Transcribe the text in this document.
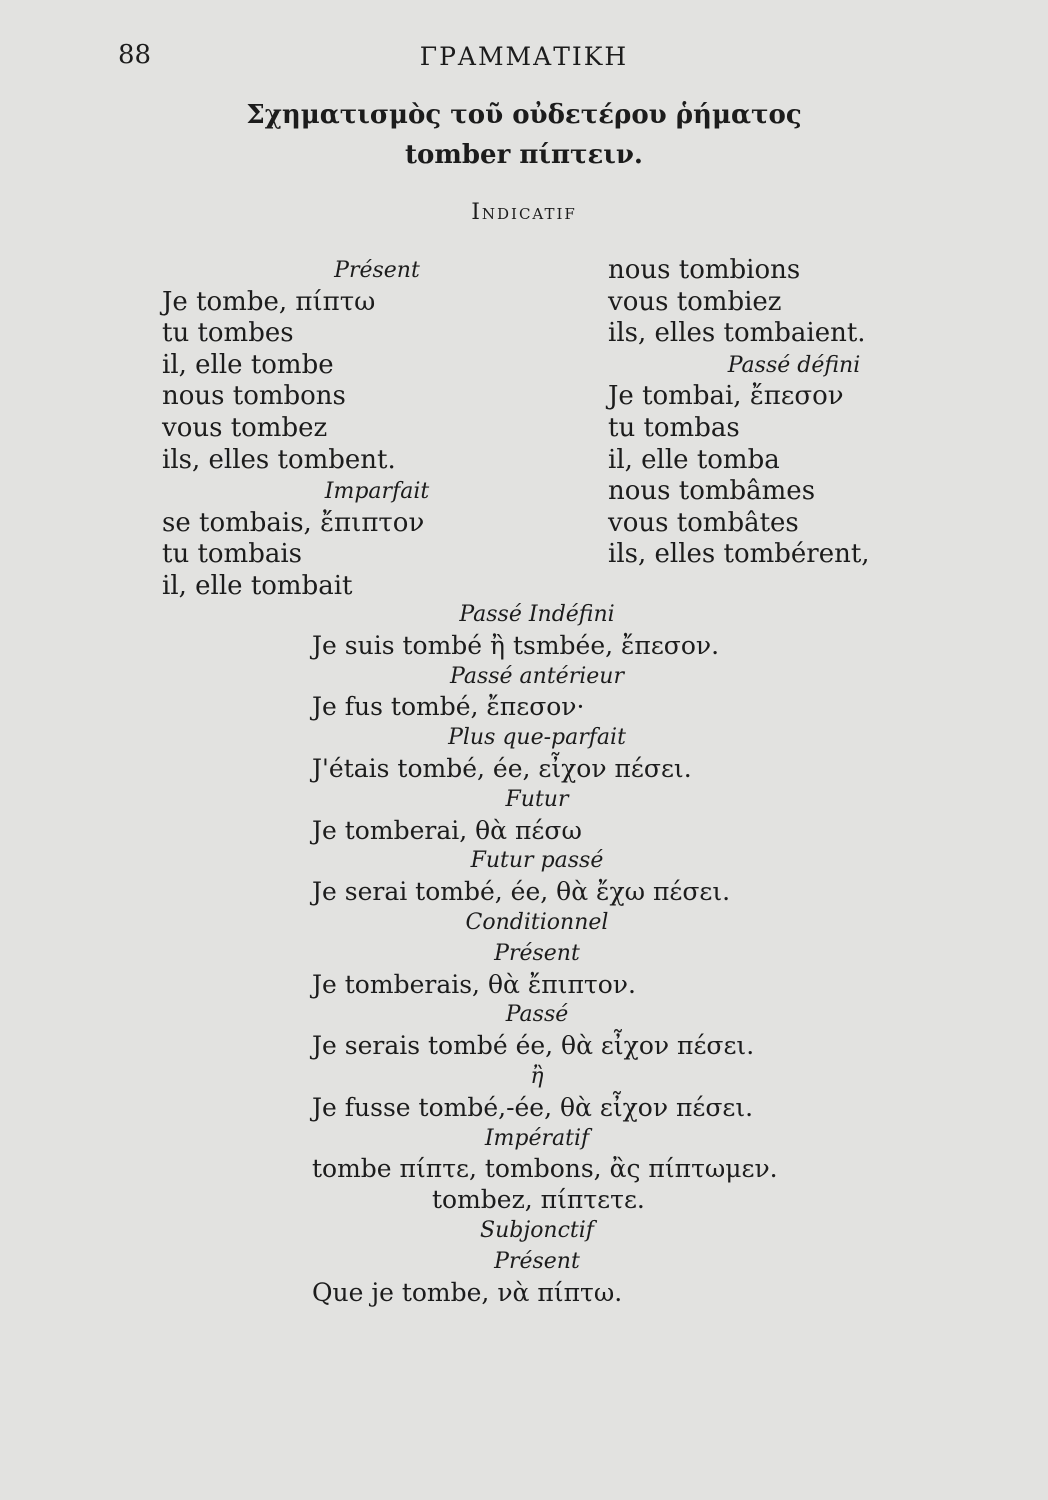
88	ΓΡΑΜΜΑΤΙΚΗ
Σχηματισμὸς τοῦ οὐδετέρου ῥήματος
tomber πίπτειν.
Indicatif
Présent
Je tombe, πίπτω
tu tombes
il, elle tombe
nous tombons
vous tombez
ils, elles tombent.
Imparfait
se tombais, ἔπιπτον
tu tombais
il, elle tombait
nous tombions
vous tombiez
ils, elles tombaient.
Passé défini
Je tombai, ἔπεσον
tu tombas
il, elle tomba
nous tombâmes
vous tombâtes
ils, elles tombérent,
Passé Indéfini
Je suis tombé ἢ tsmbée, ἔπεσον.
Passé antérieur
Je fus tombé, ἔπεσον·
Plus que-parfait
J'étais tombé, ée, εἶχον πέσει.
Futur
Je tomberai, θὰ πέσω
Futur passé
Je serai tombé, ée, θὰ ἔχω πέσει.
Conditionnel
Présent
Je tomberais, θὰ ἔπιπτον.
Passé
Je serais tombé ée, θὰ εἶχον πέσει.
ἢ
Je fusse tombé,-ée, θὰ εἶχον πέσει.
Impératif
tombe πίπτε, tombons, ἂς πίπτωμεν.
tombez, πίπτετε.
Subjonctif
Présent
Que je tombe, νὰ πίπτω.
